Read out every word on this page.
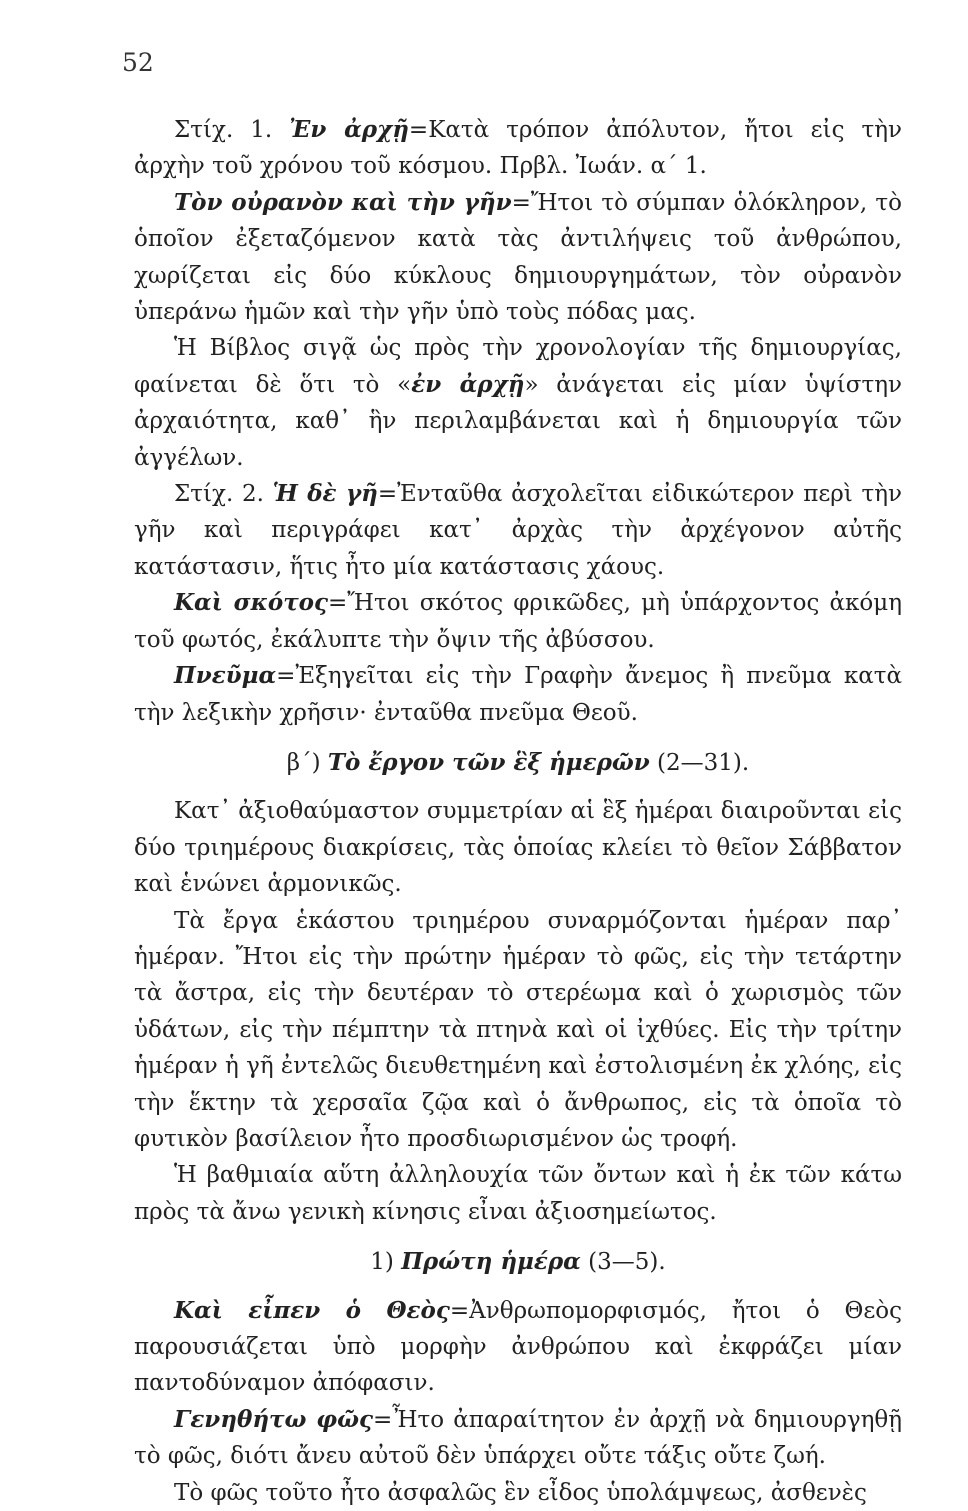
52

Στίχ. 1. Ἐν ἀρχῇ=Κατὰ τρόπον ἀπόλυτον, ἤτοι εἰς τὴν ἀρχὴν τοῦ χρόνου τοῦ κόσμου. Πρβλ. Ἰωάν. α΄ 1.

Τὸν οὐρανὸν καὶ τὴν γῆν=Ἤτοι τὸ σύμπαν ὁλόκληρον, τὸ ὁποῖον ἐξεταζόμενον κατὰ τὰς ἀντιλήψεις τοῦ ἀνθρώπου, χωρίζεται εἰς δύο κύκλους δημιουργημάτων, τὸν οὐρανὸν ὑπεράνω ἡμῶν καὶ τὴν γῆν ὑπὸ τοὺς πόδας μας.

Ἡ Βίβλος σιγᾷ ὡς πρὸς τὴν χρονολογίαν τῆς δημιουργίας, φαίνεται δὲ ὅτι τὸ «ἐν ἀρχῇ» ἀνάγεται εἰς μίαν ὑψίστην ἀρχαιότητα, καθ᾽ ἣν περιλαμβάνεται καὶ ἡ δημιουργία τῶν ἀγγέλων.

Στίχ. 2. Ἡ δὲ γῆ=Ἐνταῦθα ἀσχολεῖται εἰδικώτερον περὶ τὴν γῆν καὶ περιγράφει κατ᾽ ἀρχὰς τὴν ἀρχέγονον αὐτῆς κατάστασιν, ἥτις ἦτο μία κατάστασις χάους.

Καὶ σκότος=Ἤτοι σκότος φρικῶδες, μὴ ὑπάρχοντος ἀκόμη τοῦ φωτός, ἐκάλυπτε τὴν ὄψιν τῆς ἀβύσσου.

Πνεῦμα=Ἐξηγεῖται εἰς τὴν Γραφὴν ἄνεμος ἢ πνεῦμα κατὰ τὴν λεξικὴν χρῆσιν· ἐνταῦθα πνεῦμα Θεοῦ.

β΄) Τὸ ἔργον τῶν ἓξ ἡμερῶν (2—31).

Κατ᾽ ἀξιοθαύμαστον συμμετρίαν αἱ ἓξ ἡμέραι διαιροῦνται εἰς δύο τριημέρους διακρίσεις, τὰς ὁποίας κλείει τὸ θεῖον Σάββατον καὶ ἑνώνει ἁρμονικῶς.

Τὰ ἔργα ἑκάστου τριημέρου συναρμόζονται ἡμέραν παρ᾽ ἡμέραν. Ἤτοι εἰς τὴν πρώτην ἡμέραν τὸ φῶς, εἰς τὴν τετάρτην τὰ ἄστρα, εἰς τὴν δευτέραν τὸ στερέωμα καὶ ὁ χωρισμὸς τῶν ὑδάτων, εἰς τὴν πέμπτην τὰ πτηνὰ καὶ οἱ ἰχθύες. Εἰς τὴν τρίτην ἡμέραν ἡ γῆ ἐντελῶς διευθετημένη καὶ ἐστολισμένη ἐκ χλόης, εἰς τὴν ἕκτην τὰ χερσαῖα ζῷα καὶ ὁ ἄνθρωπος, εἰς τὰ ὁποῖα τὸ φυτικὸν βασίλειον ἦτο προσδιωρισμένον ὡς τροφή.

Ἡ βαθμιαία αὕτη ἀλληλουχία τῶν ὄντων καὶ ἡ ἐκ τῶν κάτω πρὸς τὰ ἄνω γενικὴ κίνησις εἶναι ἀξιοσημείωτος.

1) Πρώτη ἡμέρα (3—5).

Καὶ εἶπεν ὁ Θεὸς=Ἀνθρωπομορφισμός, ἤτοι ὁ Θεὸς παρουσιάζεται ὑπὸ μορφὴν ἀνθρώπου καὶ ἐκφράζει μίαν παντοδύναμον ἀπόφασιν.

Γενηθήτω φῶς=Ἦτο ἀπαραίτητον ἐν ἀρχῇ νὰ δημιουργηθῇ τὸ φῶς, διότι ἄνευ αὐτοῦ δὲν ὑπάρχει οὔτε τάξις οὔτε ζωή.

Τὸ φῶς τοῦτο ἦτο ἀσφαλῶς ἓν εἶδος ὑπολάμψεως, ἀσθενὲς
